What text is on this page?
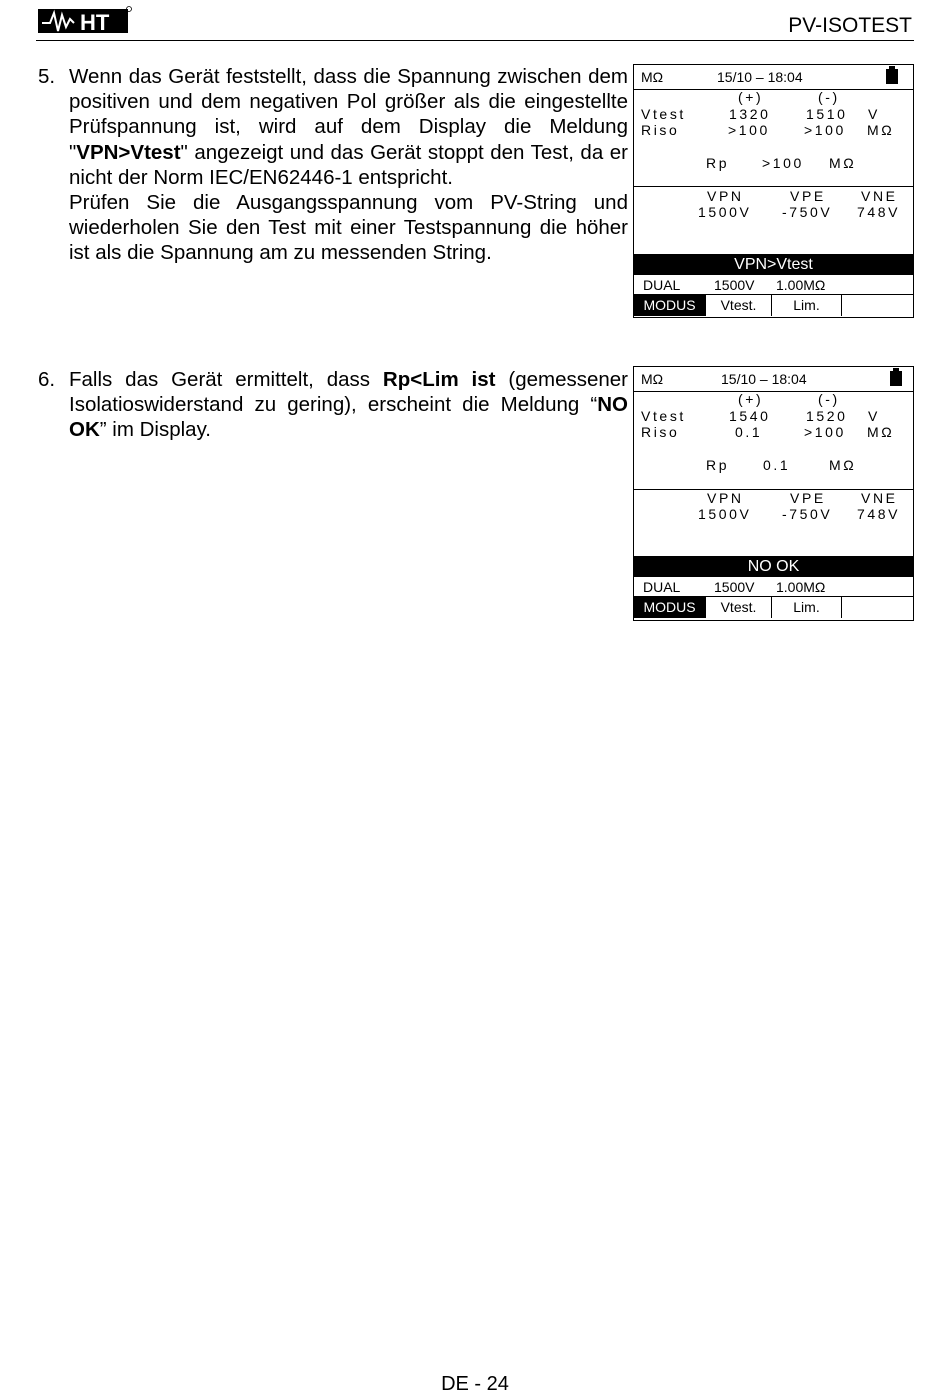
HT	PV-ISOTEST
5. Wenn das Gerät feststellt, dass die Spannung zwischen dem positiven und dem negativen Pol größer als die eingestellte Prüfspannung ist, wird auf dem Display die Meldung "VPN>Vtest" angezeigt und das Gerät stoppt den Test, da er nicht der Norm IEC/EN62446-1 entspricht.

Prüfen Sie die Ausgangsspannung vom PV-String und wiederholen Sie den Test mit einer Testspannung die höher ist als die Spannung am zu messenden String.

MΩ	15/10 – 18:04
(+)	(-)
Vtest	1320	1510 V
Riso	>100 >100 MΩ
Rp >100 MΩ
VPN	VPE	VNE
1500V -750V 748V
VPN>Vtest
DUAL 1500V 1.00MΩ
MODUS	Vtest.	Lim.
6. Falls das Gerät ermittelt, dass Rp<Lim ist (gemessener Isolatioswiderstand zu gering), erscheint die Meldung “NO OK” im Display.

MΩ	15/10 – 18:04
(+)	(-)
Vtest	1540	1520 V
Riso	0.1	>100 MΩ
Rp 0.1	MΩ
VPN	VPE	VNE
1500V -750V 748V
NO OK
DUAL 1500V 1.00MΩ
MODUS	Vtest.	Lim.
DE - 24
